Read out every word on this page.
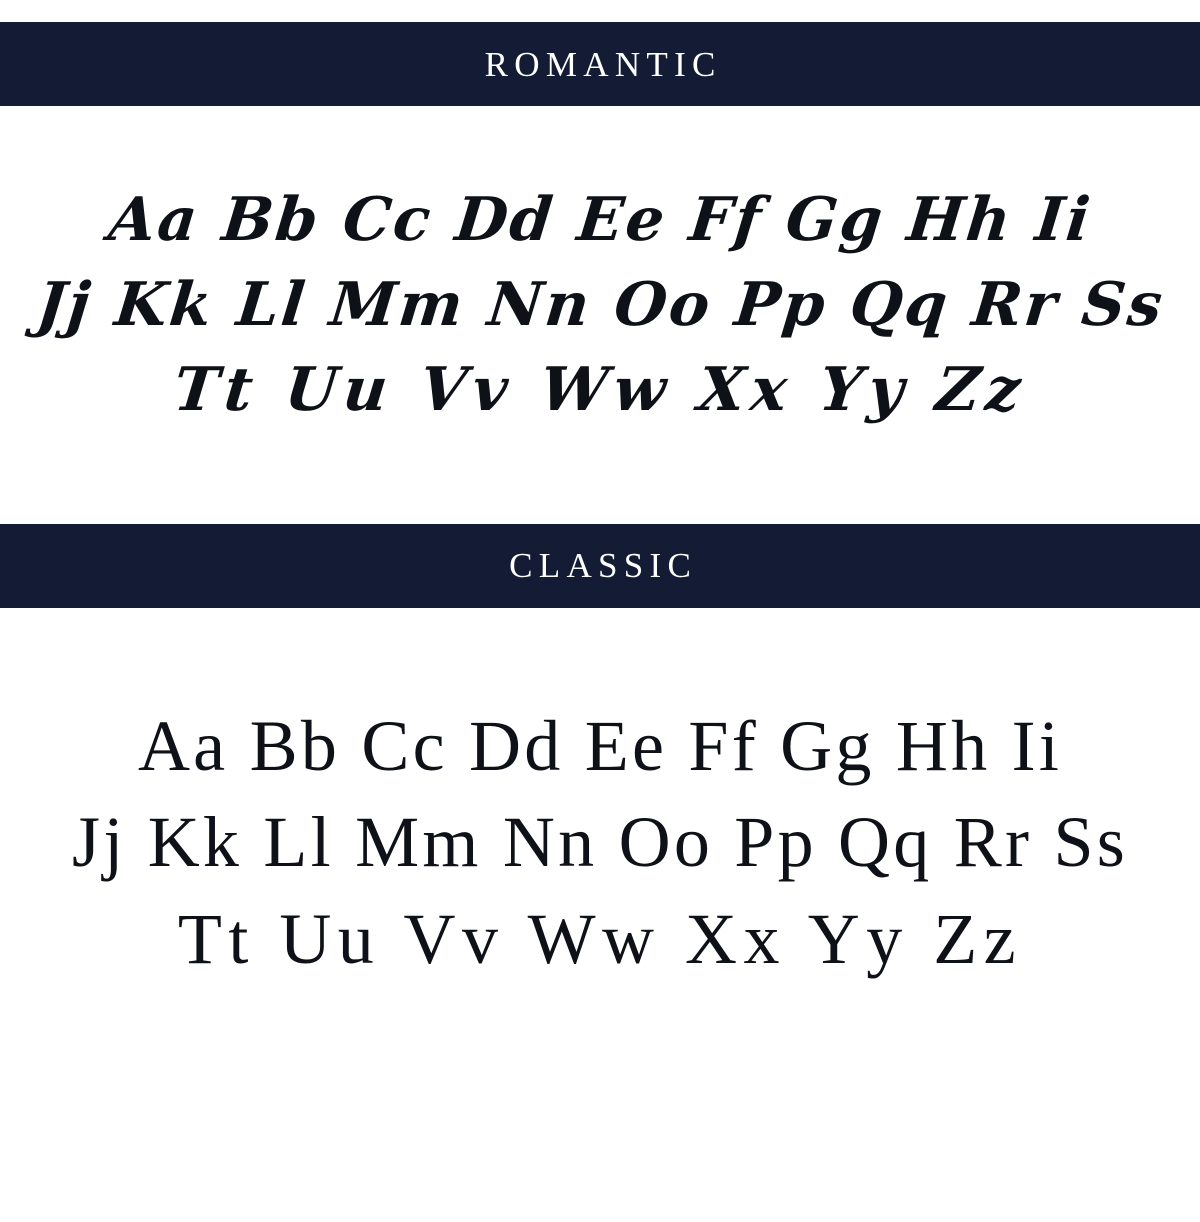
ROMANTIC
Aa Bb Cc Dd Ee Ff Gg Hh Ii
Jj Kk Ll Mm Nn Oo Pp Qq Rr Ss
Tt Uu Vv Ww Xx Yy Zz
CLASSIC
Aa Bb Cc Dd Ee Ff Gg Hh Ii
Jj Kk Ll Mm Nn Oo Pp Qq Rr Ss
Tt Uu Vv Ww Xx Yy Zz
